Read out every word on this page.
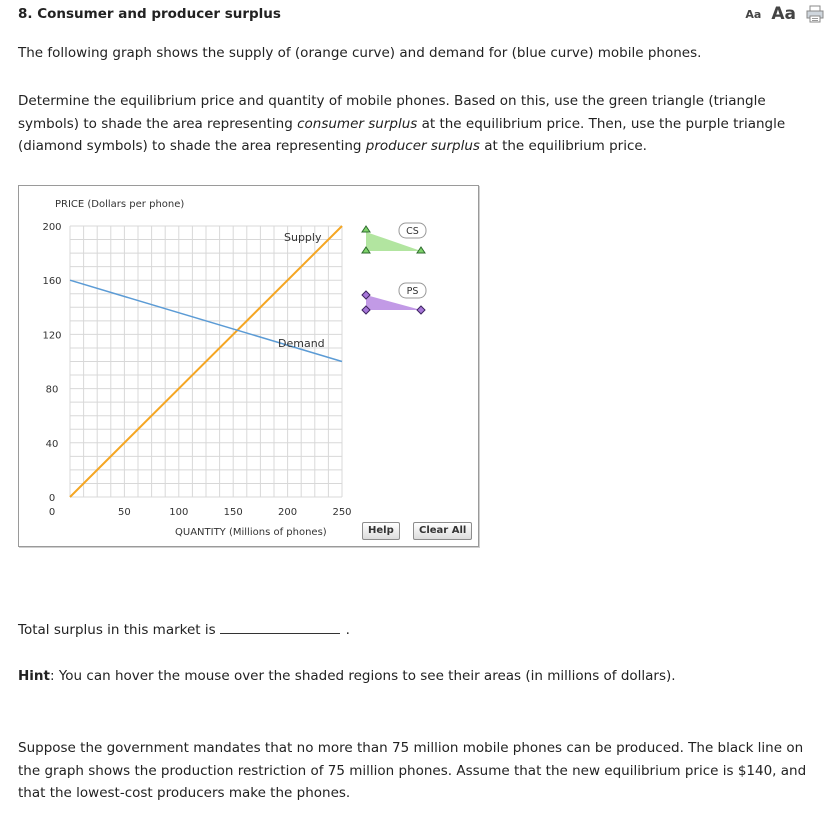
8. Consumer and producer surplus	Aa Aa
The following graph shows the supply of (orange curve) and demand for (blue curve) mobile phones.
Determine the equilibrium price and quantity of mobile phones. Based on this, use the green triangle (triangle symbols) to shade the area representing consumer surplus at the equilibrium price. Then, use the purple triangle (diamond symbols) to shade the area representing producer surplus at the equilibrium price.
0
40
80
120
160
200
0	50	100	150	200	250
PRICE (Dollars per phone)
QUANTITY (Millions of phones)
Supply
Demand
CS
PS
Help	Clear All
Total surplus in this market is	.
Hint: You can hover the mouse over the shaded regions to see their areas (in millions of dollars).
Suppose the government mandates that no more than 75 million mobile phones can be produced. The black line on the graph shows the production restriction of 75 million phones. Assume that the new equilibrium price is $140, and that the lowest-cost producers make the phones.
